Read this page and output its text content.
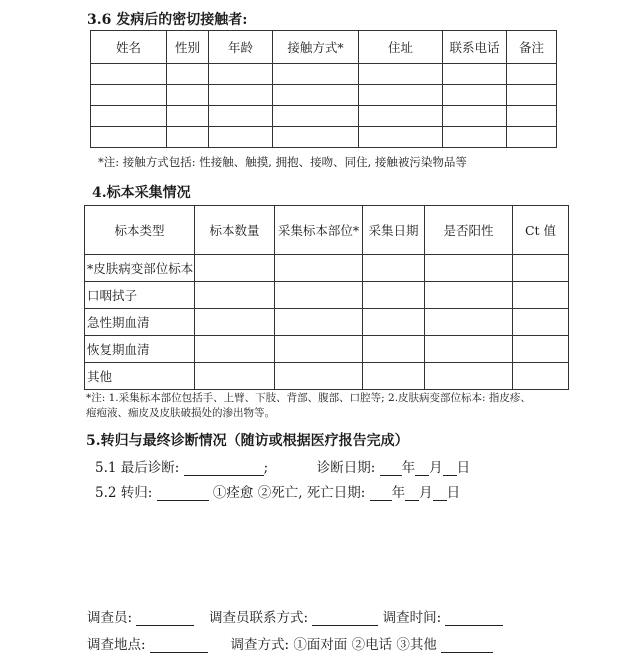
3.6 发病后的密切接触者:
姓名	性别	年龄	接触方式*	住址	联系电话	备注

*注: 接触方式包括: 性接触、触摸, 拥抱、接吻、同住, 接触被污染物品等
4.标本采集情况
标本类型	标本数量	采集标本部位*	采集日期	是否阳性	Ct 值
*皮肤病变部位标本					
口咽拭子					
急性期血清					
恢复期血清					
其他					
*注: 1.采集标本部位包括手、上臂、下肢、背部、腹部、口腔等; 2.皮肤病变部位标本: 指皮疹、
疱疱液、痂皮及皮肤破损处的渗出物等。
5.转归与最终诊断情况（随访或根据医疗报告完成）
5.1 最后诊断:	;	诊断日期: 年 月 日
5.2 转归:	①痊愈 ②死亡, 死亡日期: 年 月 日
调查员:	调查员联系方式:	调查时间:
调查地点:	调查方式: ①面对面 ②电话 ③其他
